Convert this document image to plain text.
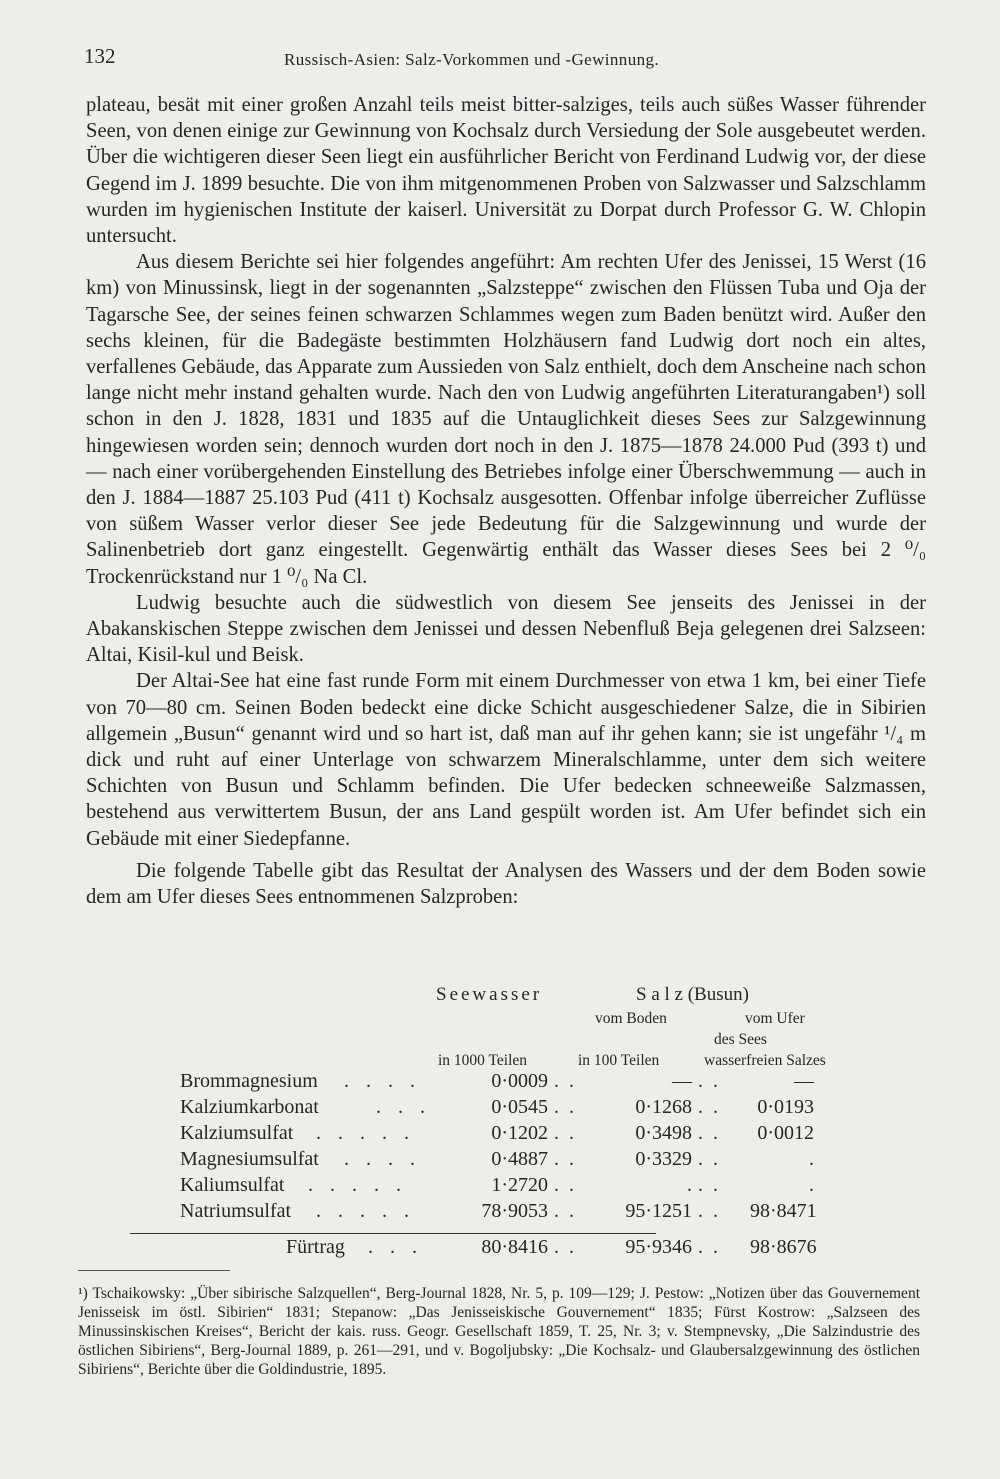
132	Russisch-Asien: Salz-Vorkommen und -Gewinnung.

plateau, besät mit einer großen Anzahl teils meist bitter-salziges, teils auch süßes Wasser führender Seen, von denen einige zur Gewinnung von Kochsalz durch Versiedung der Sole ausgebeutet werden. Über die wichtigeren dieser Seen liegt ein ausführlicher Bericht von Ferdinand Ludwig vor, der diese Gegend im J. 1899 besuchte. Die von ihm mitgenommenen Proben von Salzwasser und Salzschlamm wurden im hygienischen Institute der kaiserl. Universität zu Dorpat durch Professor G. W. Chlopin untersucht.

Aus diesem Berichte sei hier folgendes angeführt: Am rechten Ufer des Jenissei, 15 Werst (16 km) von Minussinsk, liegt in der sogenannten „Salzsteppe“ zwischen den Flüssen Tuba und Oja der Tagarsche See, der seines feinen schwarzen Schlammes wegen zum Baden benützt wird. Außer den sechs kleinen, für die Badegäste bestimmten Holzhäusern fand Ludwig dort noch ein altes, verfallenes Gebäude, das Apparate zum Aussieden von Salz enthielt, doch dem Anscheine nach schon lange nicht mehr instand gehalten wurde. Nach den von Ludwig angeführten Literaturangaben¹) soll schon in den J. 1828, 1831 und 1835 auf die Untauglichkeit dieses Sees zur Salzgewinnung hingewiesen worden sein; dennoch wurden dort noch in den J. 1875—1878 24.000 Pud (393 t) und — nach einer vorübergehenden Einstellung des Betriebes infolge einer Überschwemmung — auch in den J. 1884—1887 25.103 Pud (411 t) Kochsalz ausgesotten. Offenbar infolge überreicher Zuflüsse von süßem Wasser verlor dieser See jede Bedeutung für die Salzgewinnung und wurde der Salinenbetrieb dort ganz eingestellt. Gegenwärtig enthält das Wasser dieses Sees bei 2 ⁰/₀ Trockenrückstand nur 1 ⁰/₀ Na Cl.

Ludwig besuchte auch die südwestlich von diesem See jenseits des Jenissei in der Abakanskischen Steppe zwischen dem Jenissei und dessen Nebenfluß Beja gelegenen drei Salzseen: Altai, Kisil-kul und Beisk.

Der Altai-See hat eine fast runde Form mit einem Durchmesser von etwa 1 km, bei einer Tiefe von 70—80 cm. Seinen Boden bedeckt eine dicke Schicht ausgeschiedener Salze, die in Sibirien allgemein „Busun“ genannt wird und so hart ist, daß man auf ihr gehen kann; sie ist ungefähr ¹/₄ m dick und ruht auf einer Unterlage von schwarzem Mineralschlamme, unter dem sich weitere Schichten von Busun und Schlamm befinden. Die Ufer bedecken schneeweiße Salzmassen, bestehend aus verwittertem Busun, der ans Land gespült worden ist. Am Ufer befindet sich ein Gebäude mit einer Siedepfanne.

Die folgende Tabelle gibt das Resultat der Analysen des Wassers und der dem Boden sowie dem am Ufer dieses Sees entnommenen Salzproben:

Seewasser	S a l z (Busun)
vom Boden	vom Ufer
des Sees
in 1000 Teilen	in 100 Teilen	wasserfreien Salzes
Brommagnesium . . . .	0·0009 ..	— ..	—
Kalziumkarbonat	. . .	0·0545 ..	0·1268 ..	0·0193
Kalziumsulfat . . . . .	0·1202 ..	0·3498 ..	0·0012
Magnesiumsulfat . . . .	0·4887 ..	0·3329 ..	.
Kaliumsulfat . . . . .	1·2720 ..	. ..	.
Natriumsulfat . . . . .	78·9053 ..	95·1251 .. 98·8471
Fürtrag . . .	80·8416 ..	95·9346 .. 98·8676
¹) Tschaikowsky: „Über sibirische Salzquellen“, Berg-Journal 1828, Nr. 5, p. 109—129; J. Pestow: „Notizen über das Gouvernement Jenisseisk im östl. Sibirien“ 1831; Stepanow: „Das Jenisseiskische Gouvernement“ 1835; Fürst Kostrow: „Salzseen des Minussinskischen Kreises“, Bericht der kais. russ. Geogr. Gesellschaft 1859, T. 25, Nr. 3; v. Stempnevsky, „Die Salzindustrie des östlichen Sibiriens“, Berg-Journal 1889, p. 261—291, und v. Bogoljubsky: „Die Kochsalz- und Glaubersalzgewinnung des östlichen Sibiriens“, Berichte über die Goldindustrie, 1895.
